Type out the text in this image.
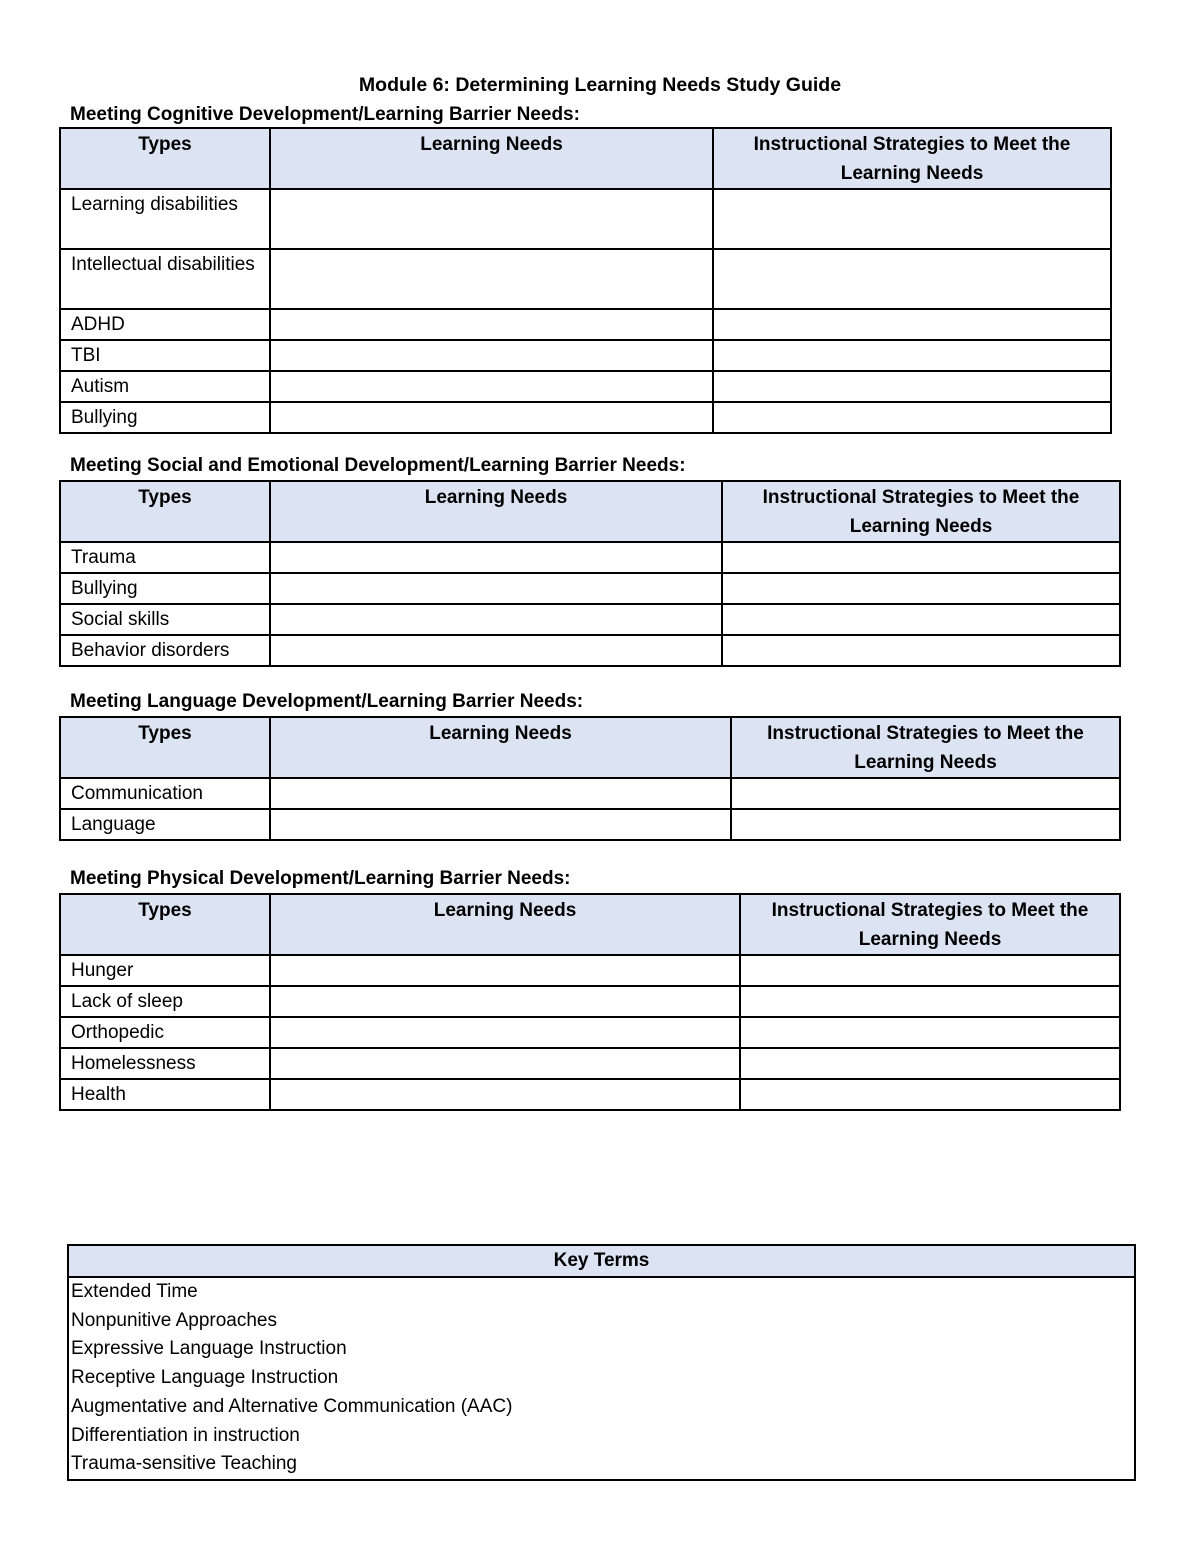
Module 6: Determining Learning Needs Study Guide
Meeting Cognitive Development/Learning Barrier Needs:
Types	Learning Needs	Instructional Strategies to Meet the Learning Needs
Learning disabilities		
Intellectual disabilities		
ADHD		
TBI		
Autism		
Bullying		
Meeting Social and Emotional Development/Learning Barrier Needs:
Types	Learning Needs	Instructional Strategies to Meet the Learning Needs
Trauma		
Bullying		
Social skills		
Behavior disorders		
Meeting Language Development/Learning Barrier Needs:
Types	Learning Needs	Instructional Strategies to Meet the Learning Needs
Communication		
Language		
Meeting Physical Development/Learning Barrier Needs:
Types	Learning Needs	Instructional Strategies to Meet the Learning Needs
Hunger		
Lack of sleep		
Orthopedic		
Homelessness		
Health		
Key Terms
Extended Time
Nonpunitive Approaches
Expressive Language Instruction
Receptive Language Instruction
Augmentative and Alternative Communication (AAC)
Differentiation in instruction
Trauma-sensitive Teaching
